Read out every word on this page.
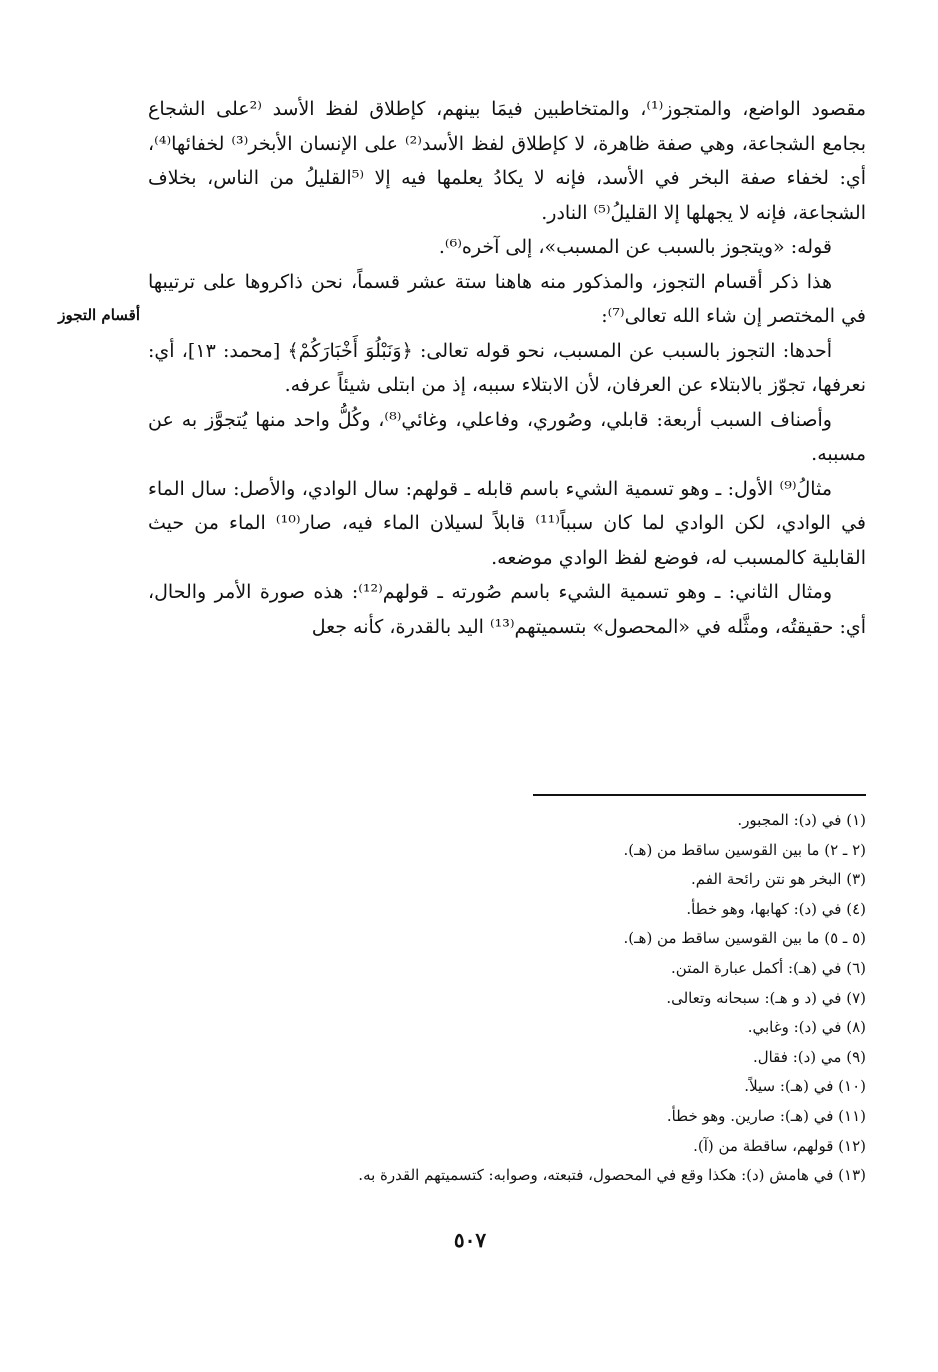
مقصود الواضع، والمتجوز⁽¹⁾، والمتخاطبين فيمَا بينهم، كإطلاق لفظ الأسد ⁽²على الشجاع بجامع الشجاعة، وهي صفة ظاهرة، لا كإطلاق لفظ الأسد⁽²⁾ على الإنسان الأبخر⁽³⁾ لخفائها⁽⁴⁾، أي: لخفاء صفة البخر في الأسد، فإنه لا يكادُ يعلمها فيه إلا ⁽⁵القليلُ من الناس، بخلاف الشجاعة، فإنه لا يجهلها إلا القليلُ⁽⁵⁾ النادر.

قوله: «ويتجوز بالسبب عن المسبب»، إلى آخره⁽⁶⁾.

هذا ذكر أقسام التجوز، والمذكور منه هاهنا ستة عشر قسماً، نحن ذاكروها على ترتيبها في المختصر إن شاء الله تعالى⁽⁷⁾:

أحدها: التجوز بالسبب عن المسبب، نحو قوله تعالى: ﴿وَنَبْلُوَ أَخْبَارَكُمْ﴾ [محمد: ١٣]، أي: نعرفها، تجوّز بالابتلاء عن العرفان، لأن الابتلاء سببه، إذ من ابتلى شيئاً عرفه.

وأصناف السبب أربعة: قابلي، وصُوري، وفاعلي، وغائي⁽⁸⁾، وكُلُّ واحد منها يُتجوَّز به عن مسببه.

مثالُ⁽⁹⁾ الأول: ـ وهو تسمية الشيء باسم قابله ـ قولهم: سال الوادي، والأصل: سال الماء في الوادي، لكن الوادي لما كان سبباً⁽¹¹⁾ قابلاً لسيلان الماء فيه، صار⁽¹⁰⁾ الماء من حيث القابلية كالمسبب له، فوضع لفظ الوادي موضعه.

ومثال الثاني: ـ وهو تسمية الشيء باسم صُورته ـ قولهم⁽¹²⁾: هذه صورة الأمر والحال، أي: حقيقتُه، ومثَّله في «المحصول» بتسميتهم⁽¹³⁾ اليد بالقدرة، كأنه جعل

أقسام التجوز
(١) في (د): المجبور.
(٢ ـ ٢) ما بين القوسين ساقط من (هـ).
(٣) البخر هو نتن رائحة الفم.
(٤) في (د): كهابها، وهو خطأ.
(٥ ـ ٥) ما بين القوسين ساقط من (هـ).
(٦) في (هـ): أكمل عبارة المتن.
(٧) في (د و هـ): سبحانه وتعالى.
(٨) في (د): وغابي.
(٩) مي (د): فقال.
(١٠) في (هـ): سيلاً.
(١١) في (هـ): صارين. وهو خطأ.
(١٢) قولهم، ساقطة من (آ).
(١٣) في هامش (د): هكذا وقع في المحصول، فتبعته، وصوابه: كتسميتهم القدرة به.
٥٠٧
